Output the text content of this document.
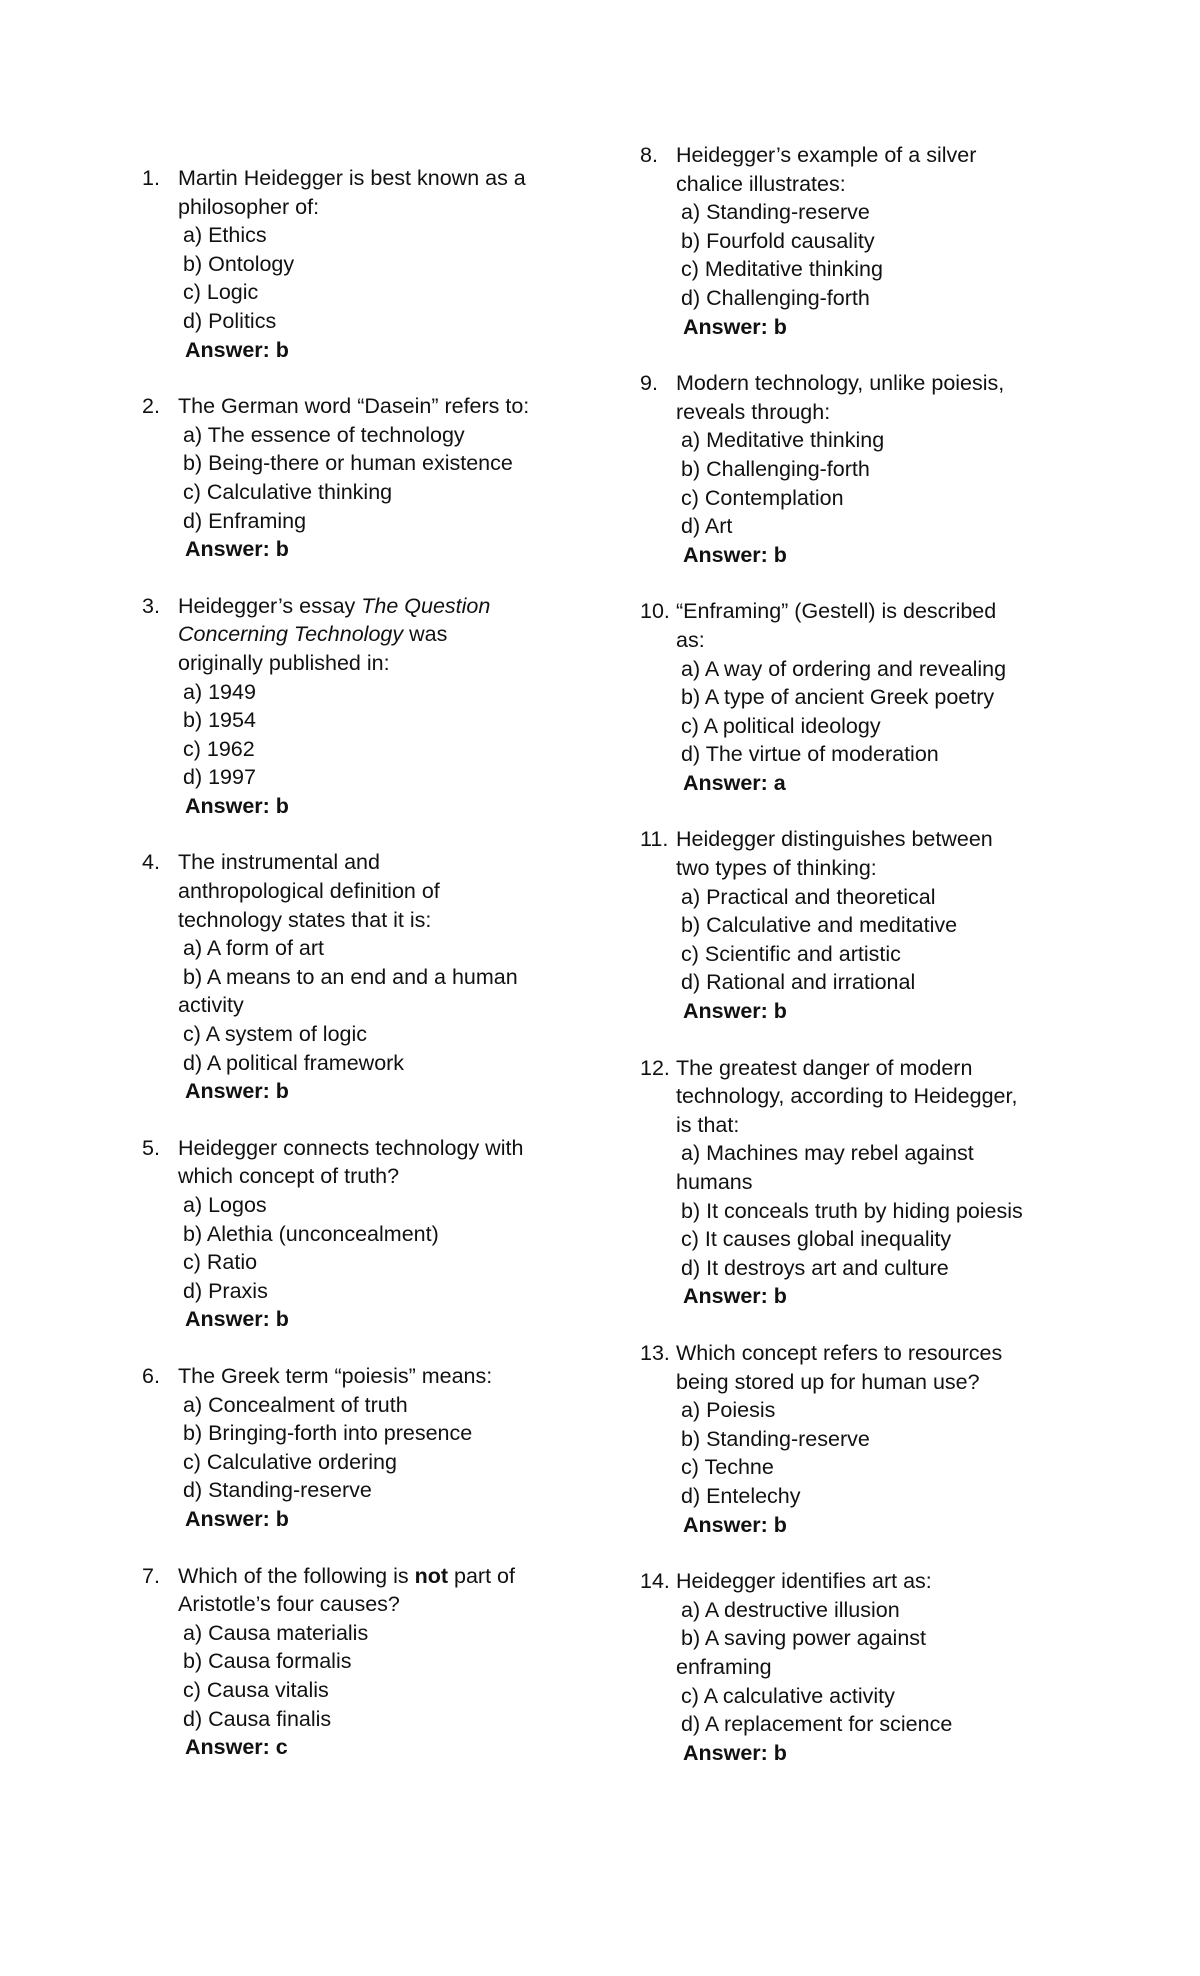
1. Martin Heidegger is best known as a philosopher of:
a) Ethics
b) Ontology
c) Logic
d) Politics
Answer: b
2. The German word “Dasein” refers to:
a) The essence of technology
b) Being-there or human existence
c) Calculative thinking
d) Enframing
Answer: b
3. Heidegger’s essay The Question Concerning Technology was originally published in:
a) 1949
b) 1954
c) 1962
d) 1997
Answer: b
4. The instrumental and anthropological definition of technology states that it is:
a) A form of art
b) A means to an end and a human activity
c) A system of logic
d) A political framework
Answer: b
5. Heidegger connects technology with which concept of truth?
a) Logos
b) Alethia (unconcealment)
c) Ratio
d) Praxis
Answer: b
6. The Greek term “poiesis” means:
a) Concealment of truth
b) Bringing-forth into presence
c) Calculative ordering
d) Standing-reserve
Answer: b
7. Which of the following is not part of Aristotle’s four causes?
a) Causa materialis
b) Causa formalis
c) Causa vitalis
d) Causa finalis
Answer: c
8. Heidegger’s example of a silver chalice illustrates:
a) Standing-reserve
b) Fourfold causality
c) Meditative thinking
d) Challenging-forth
Answer: b
9. Modern technology, unlike poiesis, reveals through:
a) Meditative thinking
b) Challenging-forth
c) Contemplation
d) Art
Answer: b
10. “Enframing” (Gestell) is described as:
a) A way of ordering and revealing
b) A type of ancient Greek poetry
c) A political ideology
d) The virtue of moderation
Answer: a
11. Heidegger distinguishes between two types of thinking:
a) Practical and theoretical
b) Calculative and meditative
c) Scientific and artistic
d) Rational and irrational
Answer: b
12. The greatest danger of modern technology, according to Heidegger, is that:
a) Machines may rebel against humans
b) It conceals truth by hiding poiesis
c) It causes global inequality
d) It destroys art and culture
Answer: b
13. Which concept refers to resources being stored up for human use?
a) Poiesis
b) Standing-reserve
c) Techne
d) Entelechy
Answer: b
14. Heidegger identifies art as:
a) A destructive illusion
b) A saving power against enframing
c) A calculative activity
d) A replacement for science
Answer: b
